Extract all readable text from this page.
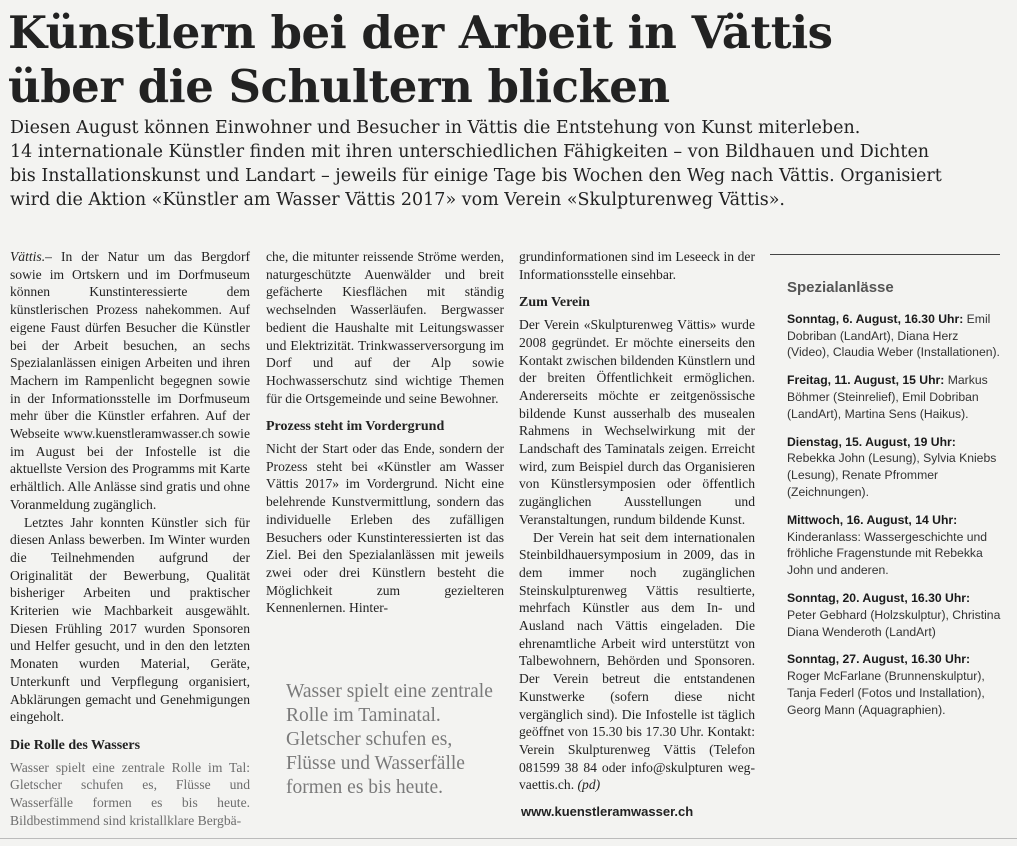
Künstlern bei der Arbeit in Vättis
über die Schultern blicken
Diesen August können Einwohner und Besucher in Vättis die Entstehung von Kunst miterleben.
14 internationale Künstler finden mit ihren unterschiedlichen Fähigkeiten – von Bildhauen und Dichten
bis Installationskunst und Landart – jeweils für einige Tage bis Wochen den Weg nach Vättis. Organisiert
wird die Aktion «Künstler am Wasser Vättis 2017» vom Verein «Skulpturenweg Vättis».

Vättis.– In der Natur um das Bergdorf sowie im Ortskern und im Dorfmuseum können Kunstinteressierte dem künstlerischen Prozess nahekommen. Auf eigene Faust dürfen Besucher die Künstler bei der Arbeit besuchen, an sechs Spezialanlässen einigen Arbeiten und ihren Machern im Rampenlicht begegnen sowie in der Informationsstelle im Dorfmuseum mehr über die Künstler erfahren. Auf der Webseite www.kuenstleramwasser.ch sowie im August bei der Infostelle ist die aktuellste Version des Programms mit Karte erhältlich. Alle Anlässe sind gratis und ohne Voranmeldung zugänglich.

Letztes Jahr konnten Künstler sich für diesen Anlass bewerben. Im Winter wurden die Teilnehmenden aufgrund der Originalität der Bewerbung, Qualität bisheriger Arbeiten und praktischer Kriterien wie Machbarkeit ausgewählt. Diesen Frühling 2017 wurden Sponsoren und Helfer gesucht, und in den den letzten Monaten wurden Material, Geräte, Unterkunft und Verpflegung organisiert, Abklärungen gemacht und Genehmigungen eingeholt.

Die Rolle des Wassers

Wasser spielt eine zentrale Rolle im Tal: Gletscher schufen es, Flüsse und Wasserfälle formen es bis heute. Bildbestimmend sind kristallklare Bergbä-

che, die mitunter reissende Ströme werden, naturgeschützte Auenwälder und breit gefächerte Kiesflächen mit ständig wechselnden Wasserläufen. Bergwasser bedient die Haushalte mit Leitungswasser und Elektrizität. Trinkwasserversorgung im Dorf und auf der Alp sowie Hochwasserschutz sind wichtige Themen für die Ortsgemeinde und seine Bewohner.

Prozess steht im Vordergrund

Nicht der Start oder das Ende, sondern der Prozess steht bei «Künstler am Wasser Vättis 2017» im Vordergrund. Nicht eine belehrende Kunstvermittlung, sondern das individuelle Erleben des zufälligen Besuchers oder Kunstinteressierten ist das Ziel. Bei den Spezialanlässen mit jeweils zwei oder drei Künstlern besteht die Möglichkeit zum gezielteren Kennenlernen. Hinter-

Wasser spielt eine zentrale Rolle im Taminatal. Gletscher schufen es, Flüsse und Wasserfälle formen es bis heute.

grundinformationen sind im Leseeck in der Informationsstelle einsehbar.

Zum Verein

Der Verein «Skulpturenweg Vättis» wurde 2008 gegründet. Er möchte einerseits den Kontakt zwischen bildenden Künstlern und der breiten Öffentlichkeit ermöglichen. Andererseits möchte er zeitgenössische bildende Kunst ausserhalb des musealen Rahmens in Wechselwirkung mit der Landschaft des Taminatals zeigen. Erreicht wird, zum Beispiel durch das Organisieren von Künstlersymposien oder öffentlich zugänglichen Ausstellungen und Veranstaltungen, rundum bildende Kunst.

Der Verein hat seit dem internationalen Steinbildhauersymposium in 2009, das in dem immer noch zugänglichen Steinskulpturenweg Vättis resultierte, mehrfach Künstler aus dem In- und Ausland nach Vättis eingeladen. Die ehrenamtliche Arbeit wird unterstützt von Talbewohnern, Behörden und Sponsoren. Der Verein betreut die entstandenen Kunstwerke (sofern diese nicht vergänglich sind). Die Infostelle ist täglich geöffnet von 15.30 bis 17.30 Uhr. Kontakt: Verein Skulpturenweg Vättis (Telefon 081599 38 84 oder info@skulpturen weg-vaettis.ch. (pd)

www.kuenstleramwasser.ch
Spezialanlässe
Sonntag, 6. August, 16.30 Uhr: Emil Dobriban (LandArt), Diana Herz (Video), Claudia Weber (Installationen).
Freitag, 11. August, 15 Uhr: Markus Böhmer (Steinrelief), Emil Dobriban (LandArt), Martina Sens (Haikus).
Dienstag, 15. August, 19 Uhr: Rebekka John (Lesung), Sylvia Kniebs (Lesung), Renate Pfrommer (Zeichnungen).
Mittwoch, 16. August, 14 Uhr: Kinderanlass: Wassergeschichte und fröhliche Fragenstunde mit Rebekka John und anderen.
Sonntag, 20. August, 16.30 Uhr: Peter Gebhard (Holzskulptur), Christina Diana Wenderoth (LandArt)
Sonntag, 27. August, 16.30 Uhr: Roger McFarlane (Brunnenskulptur), Tanja Federl (Fotos und Installation), Georg Mann (Aquagraphien).
